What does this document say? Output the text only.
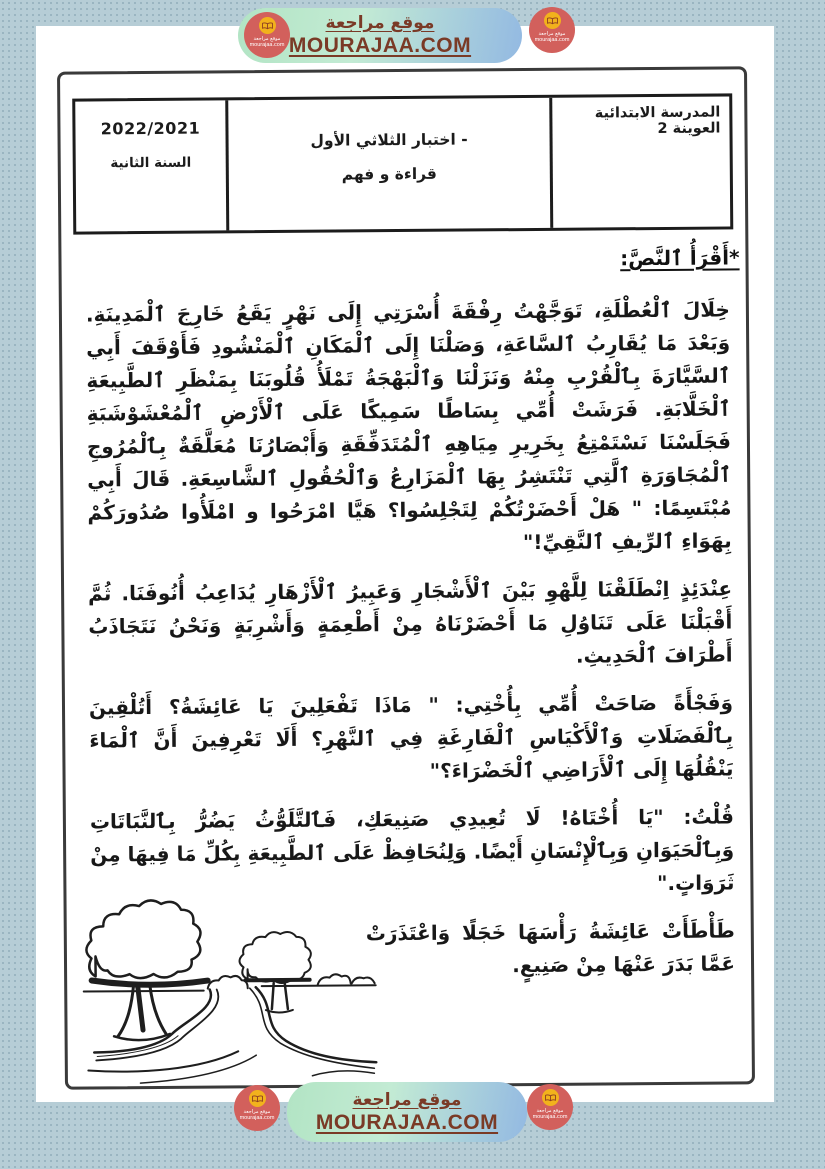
المدرسة الابتدائية العوينة 2
- اختبار الثلاثي الأول
قراءة و فهم
2022/2021
السنة الثانية
*أَقْرَأُ ٱلنَّصَّ:

خِلَالَ ٱلْعُطْلَةِ، تَوَجَّهْتُ رِفْقَةَ أُسْرَتِي إِلَى نَهْرٍ يَقَعُ خَارِجَ ٱلْمَدِينَةِ. وَبَعْدَ مَا يُقَارِبُ ٱلسَّاعَةِ، وَصَلْنَا إِلَى ٱلْمَكَانِ ٱلْمَنْشُودِ فَأَوْقَفَ أَبِي ٱلسَّيَّارَةَ بِٱلْقُرْبِ مِنْهُ وَنَزَلْنَا وَٱلْبَهْجَةُ تَمْلَأُ قُلُوبَنَا بِمَنْظَرِ ٱلطَّبِيعَةِ ٱلْخَلَّابَةِ. فَرَشَتْ أُمِّي بِسَاطًا سَمِيكًا عَلَى ٱلْأَرْضِ ٱلْمُعْشَوْشَبَةِ فَجَلَسْنَا نَسْتَمْتِعُ بِخَرِيرِ مِيَاهِهِ ٱلْمُتَدَفِّقَةِ وَأَبْصَارُنَا مُعَلَّقَةٌ بِٱلْمُرُوجِ ٱلْمُجَاوَرَةِ ٱلَّتِي تَنْتَشِرُ بِهَا ٱلْمَزَارِعُ وَٱلْحُقُولِ ٱلشَّاسِعَةِ. قَالَ أَبِي مُبْتَسِمًا: " هَلْ أَحْضَرْتُكُمْ لِتَجْلِسُوا؟ هَيَّا امْرَحُوا و امْلَأُوا صُدُورَكُمْ بِهَوَاءِ ٱلرِّيفِ ٱلنَّقِيِّ!"

عِنْدَئِذٍ اِنْطَلَقْنَا لِلَّهْوِ بَيْنَ ٱلْأَشْجَارِ وَعَبِيرُ ٱلْأَزْهَارِ يُدَاعِبُ أُنُوفَنَا. ثُمَّ أَقْبَلْنَا عَلَى تَنَاوُلِ مَا أَحْضَرْنَاهُ مِنْ أَطْعِمَةٍ وَأَشْرِبَةٍ وَنَحْنُ نَتَجَاذَبُ أَطْرَافَ ٱلْحَدِيثِ.

وَفَجْأَةً صَاحَتْ أُمِّي بِأُخْتِي: " مَاذَا تَفْعَلِينَ يَا عَائِشَةُ؟ أَتُلْقِينَ بِٱلْفَضَلَاتِ وَٱلْأَكْيَاسِ ٱلْفَارِغَةِ فِي ٱلنَّهْرِ؟ أَلَا تَعْرِفِينَ أَنَّ ٱلْمَاءَ يَنْقُلُهَا إِلَى ٱلْأَرَاضِي ٱلْخَضْرَاءَ؟"

قُلْتُ: "يَا أُخْتَاهُ! لَا تُعِيدِي صَنِيعَكِ، فَٱلتَّلَوُّثُ يَضُرُّ بِٱلنَّبَاتَاتِ وَبِٱلْحَيَوَانِ وَبِٱلْإِنْسَانِ أَيْضًا. وَلِنُحَافِظْ عَلَى ٱلطَّبِيعَةِ بِكُلِّ مَا فِيهَا مِنْ ثَرَوَاتٍ."

طَأْطَأَتْ عَائِشَةُ رَأْسَهَا خَجَلًا وَاعْتَذَرَتْ عَمَّا بَدَرَ عَنْهَا مِنْ صَنِيعٍ.

موقع مراجعة
MOURAJAA.COM
موقع مراجعة
MOURAJAA.COM
موقع مراجعة
mourajaa.com
موقع مراجعة
mourajaa.com
موقع مراجعة
mourajaa.com
موقع مراجعة
mourajaa.com
